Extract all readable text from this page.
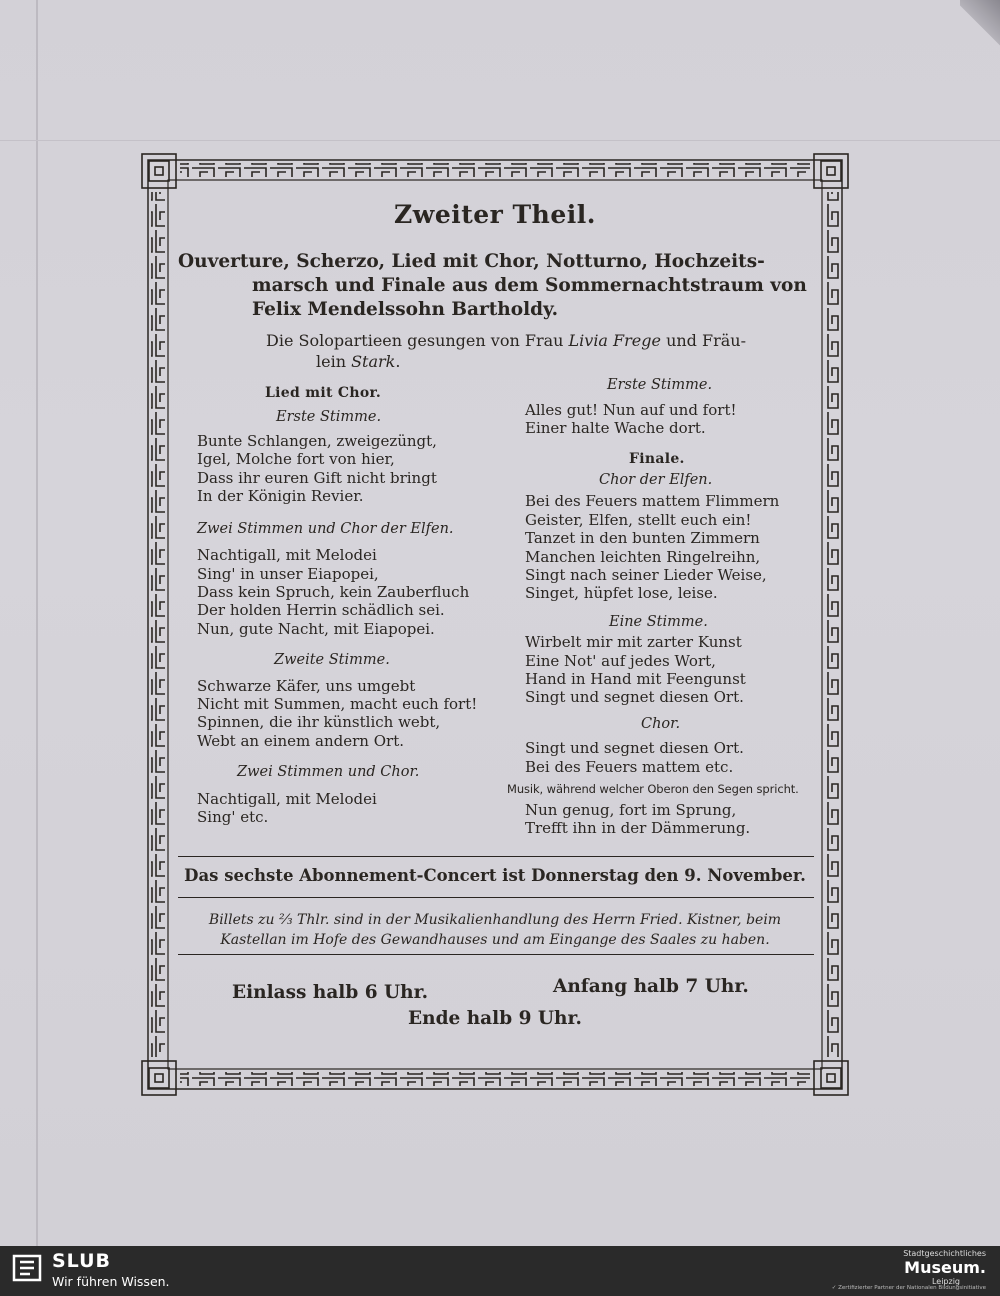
Zweiter Theil.
Ouverture, Scherzo, Lied mit Chor, Notturno, Hochzeits-
marsch und Finale aus dem Sommernachtstraum von
Felix Mendelssohn Bartholdy.
Die Solopartieen gesungen von Frau Livia Frege und Fräu-
lein Stark.
Lied mit Chor.
Erste Stimme.
Bunte Schlangen, zweigezüngt,
Igel, Molche fort von hier,
Dass ihr euren Gift nicht bringt
In der Königin Revier.
Zwei Stimmen und Chor der Elfen.
Nachtigall, mit Melodei
Sing' in unser Eiapopei,
Dass kein Spruch, kein Zauberfluch
Der holden Herrin schädlich sei.
Nun, gute Nacht, mit Eiapopei.
Zweite Stimme.
Schwarze Käfer, uns umgebt
Nicht mit Summen, macht euch fort!
Spinnen, die ihr künstlich webt,
Webt an einem andern Ort.
Zwei Stimmen und Chor.
Nachtigall, mit Melodei
Sing' etc.
Erste Stimme.
Alles gut! Nun auf und fort!
Einer halte Wache dort.
Finale.
Chor der Elfen.
Bei des Feuers mattem Flimmern
Geister, Elfen, stellt euch ein!
Tanzet in den bunten Zimmern
Manchen leichten Ringelreihn,
Singt nach seiner Lieder Weise,
Singet, hüpfet lose, leise.
Eine Stimme.
Wirbelt mir mit zarter Kunst
Eine Not' auf jedes Wort,
Hand in Hand mit Feengunst
Singt und segnet diesen Ort.
Chor.
Singt und segnet diesen Ort.
Bei des Feuers mattem etc.
Musik, während welcher Oberon den Segen spricht.
Nun genug, fort im Sprung,
Trefft ihn in der Dämmerung.
Das sechste Abonnement-Concert ist Donnerstag den 9. November.
Billets zu ⅔ Thlr. sind in der Musikalienhandlung des Herrn Fried. Kistner, beim
Kastellan im Hofe des Gewandhauses und am Eingange des Saales zu haben.
Einlass halb 6 Uhr.	Anfang halb 7 Uhr.
Ende halb 9 Uhr.
SLUB
Wir führen Wissen.
Stadtgeschichtliches
Museum.
Leipzig
✓ Zertifizierter Partner der Nationalen Bildungsinitiative
